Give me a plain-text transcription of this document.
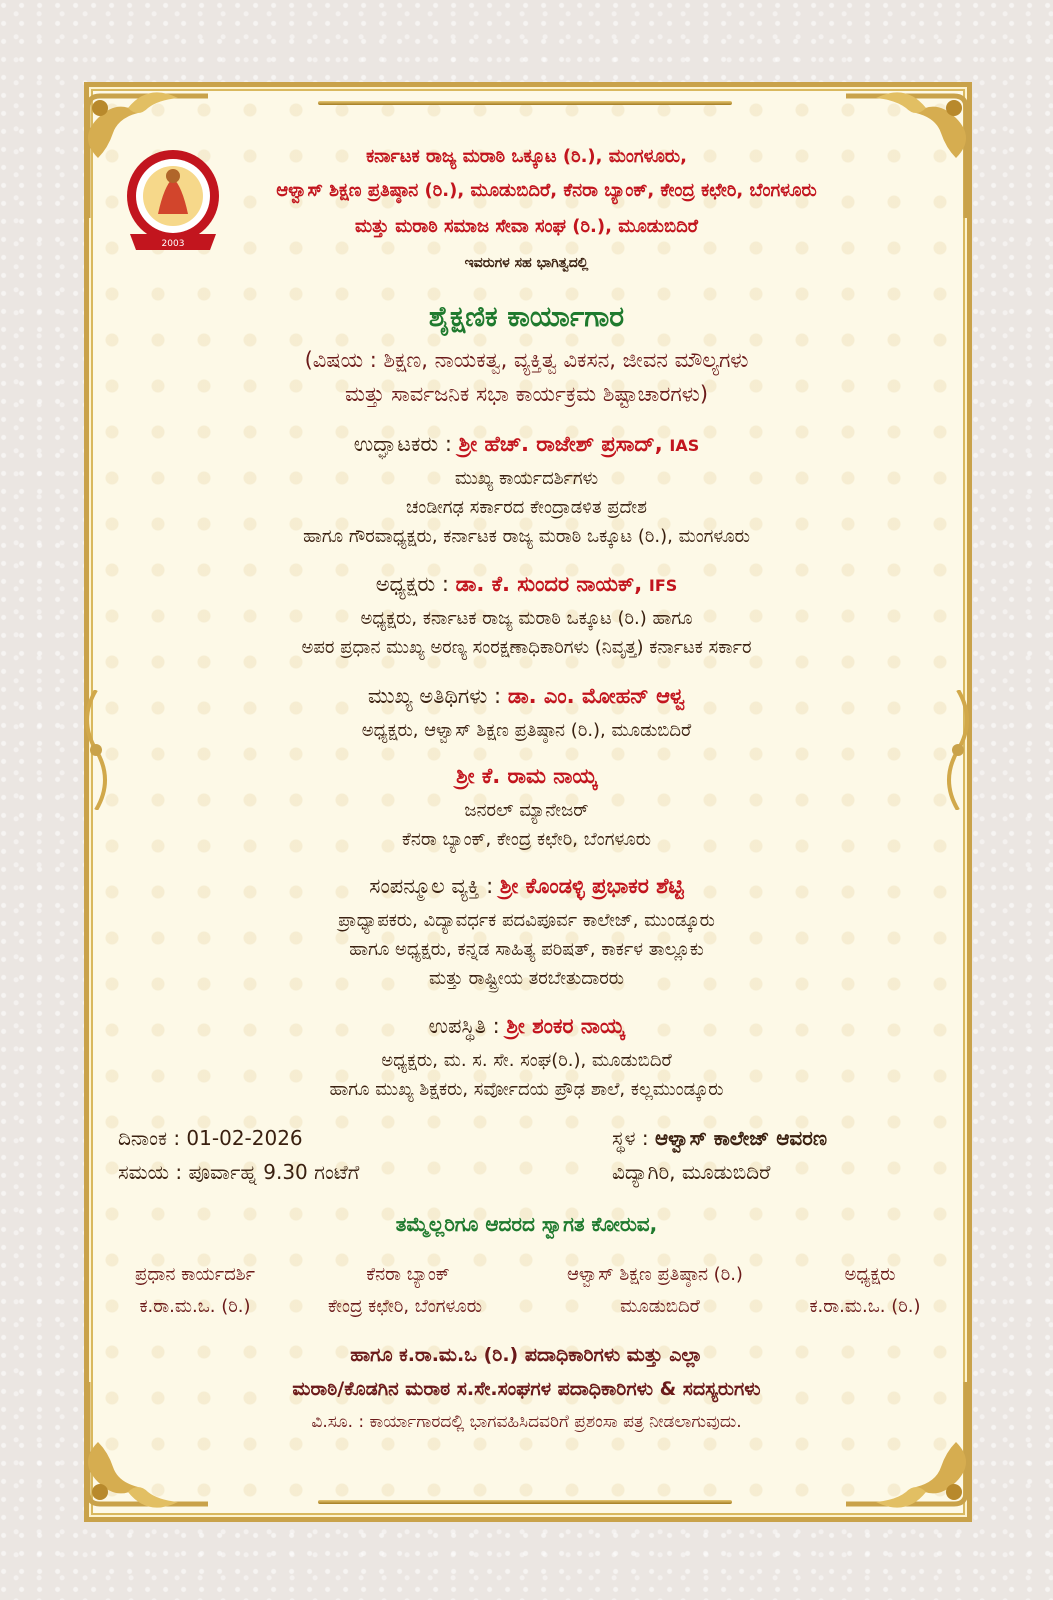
2003
ಕರ್ನಾಟಕ ರಾಜ್ಯ ಮರಾಠಿ ಒಕ್ಕೂಟ (ರಿ.), ಮಂಗಳೂರು,
ಆಳ್ವಾಸ್ ಶಿಕ್ಷಣ ಪ್ರತಿಷ್ಠಾನ (ರಿ.), ಮೂಡುಬಿದಿರೆ, ಕೆನರಾ ಬ್ಯಾಂಕ್, ಕೇಂದ್ರ ಕಛೇರಿ, ಬೆಂಗಳೂರು
ಮತ್ತು ಮರಾಠಿ ಸಮಾಜ ಸೇವಾ ಸಂಘ (ರಿ.), ಮೂಡುಬಿದಿರೆ
ಇವರುಗಳ ಸಹ ಭಾಗಿತ್ವದಲ್ಲಿ
ಶೈಕ್ಷಣಿಕ ಕಾರ್ಯಾಗಾರ
(ವಿಷಯ : ಶಿಕ್ಷಣ, ನಾಯಕತ್ವ, ವ್ಯಕ್ತಿತ್ವ ವಿಕಸನ, ಜೀವನ ಮೌಲ್ಯಗಳು
ಮತ್ತು ಸಾರ್ವಜನಿಕ ಸಭಾ ಕಾರ್ಯಕ್ರಮ ಶಿಷ್ಟಾಚಾರಗಳು)
ಉದ್ಘಾಟಕರು : ಶ್ರೀ ಹೆಚ್. ರಾಜೇಶ್ ಪ್ರಸಾದ್, IAS
ಮುಖ್ಯ ಕಾರ್ಯದರ್ಶಿಗಳು
ಚಂಡೀಗಢ ಸರ್ಕಾರದ ಕೇಂದ್ರಾಡಳಿತ ಪ್ರದೇಶ
ಹಾಗೂ ಗೌರವಾಧ್ಯಕ್ಷರು, ಕರ್ನಾಟಕ ರಾಜ್ಯ ಮರಾಠಿ ಒಕ್ಕೂಟ (ರಿ.), ಮಂಗಳೂರು
ಅಧ್ಯಕ್ಷರು : ಡಾ. ಕೆ. ಸುಂದರ ನಾಯಕ್, IFS
ಅಧ್ಯಕ್ಷರು, ಕರ್ನಾಟಕ ರಾಜ್ಯ ಮರಾಠಿ ಒಕ್ಕೂಟ (ರಿ.) ಹಾಗೂ
ಅಪರ ಪ್ರಧಾನ ಮುಖ್ಯ ಅರಣ್ಯ ಸಂರಕ್ಷಣಾಧಿಕಾರಿಗಳು (ನಿವೃತ್ತ) ಕರ್ನಾಟಕ ಸರ್ಕಾರ
ಮುಖ್ಯ ಅತಿಥಿಗಳು : ಡಾ. ಎಂ. ಮೋಹನ್ ಆಳ್ವ
ಅಧ್ಯಕ್ಷರು, ಆಳ್ವಾಸ್ ಶಿಕ್ಷಣ ಪ್ರತಿಷ್ಠಾನ (ರಿ.), ಮೂಡುಬಿದಿರೆ
ಶ್ರೀ ಕೆ. ರಾಮ ನಾಯ್ಕ
ಜನರಲ್ ಮ್ಯಾನೇಜರ್
ಕೆನರಾ ಬ್ಯಾಂಕ್, ಕೇಂದ್ರ ಕಛೇರಿ, ಬೆಂಗಳೂರು
ಸಂಪನ್ಮೂಲ ವ್ಯಕ್ತಿ : ಶ್ರೀ ಕೊಂಡಳ್ಳಿ ಪ್ರಭಾಕರ ಶೆಟ್ಟಿ
ಪ್ರಾಧ್ಯಾಪಕರು, ವಿದ್ಯಾವರ್ಧಕ ಪದವಿಪೂರ್ವ ಕಾಲೇಜ್, ಮುಂಡ್ಕೂರು
ಹಾಗೂ ಅಧ್ಯಕ್ಷರು, ಕನ್ನಡ ಸಾಹಿತ್ಯ ಪರಿಷತ್, ಕಾರ್ಕಳ ತಾಲ್ಲೂಕು
ಮತ್ತು ರಾಷ್ಟ್ರೀಯ ತರಬೇತುದಾರರು
ಉಪಸ್ಥಿತಿ : ಶ್ರೀ ಶಂಕರ ನಾಯ್ಕ
ಅಧ್ಯಕ್ಷರು, ಮ. ಸ. ಸೇ. ಸಂಘ(ರಿ.), ಮೂಡುಬಿದಿರೆ
ಹಾಗೂ ಮುಖ್ಯ ಶಿಕ್ಷಕರು, ಸರ್ವೋದಯ ಪ್ರೌಢ ಶಾಲೆ, ಕಲ್ಲಮುಂಡ್ಕೂರು
ದಿನಾಂಕ : 01-02-2026
ಸಮಯ : ಪೂರ್ವಾಹ್ನ 9.30 ಗಂಟೆಗೆ
ಸ್ಥಳ : ಆಳ್ವಾಸ್ ಕಾಲೇಜ್ ಆವರಣ
ವಿದ್ಯಾಗಿರಿ, ಮೂಡುಬಿದಿರೆ
ತಮ್ಮೆಲ್ಲರಿಗೂ ಆದರದ ಸ್ವಾಗತ ಕೋರುವ,
ಪ್ರಧಾನ ಕಾರ್ಯದರ್ಶಿ
ಕ.ರಾ.ಮ.ಒ. (ರಿ.)
ಕೆನರಾ ಬ್ಯಾಂಕ್
ಕೇಂದ್ರ ಕಛೇರಿ, ಬೆಂಗಳೂರು
ಆಳ್ವಾಸ್ ಶಿಕ್ಷಣ ಪ್ರತಿಷ್ಠಾನ (ರಿ.)
ಮೂಡುಬಿದಿರೆ
ಅಧ್ಯಕ್ಷರು
ಕ.ರಾ.ಮ.ಒ. (ರಿ.)
ಹಾಗೂ ಕ.ರಾ.ಮ.ಒ (ರಿ.) ಪದಾಧಿಕಾರಿಗಳು ಮತ್ತು ಎಲ್ಲಾ
ಮರಾಠಿ/ಕೊಡಗಿನ ಮರಾಠ ಸ.ಸೇ.ಸಂಘಗಳ ಪದಾಧಿಕಾರಿಗಳು & ಸದಸ್ಯರುಗಳು
ವಿ.ಸೂ. : ಕಾರ್ಯಾಗಾರದಲ್ಲಿ ಭಾಗವಹಿಸಿದವರಿಗೆ ಪ್ರಶಂಸಾ ಪತ್ರ ನೀಡಲಾಗುವುದು.
